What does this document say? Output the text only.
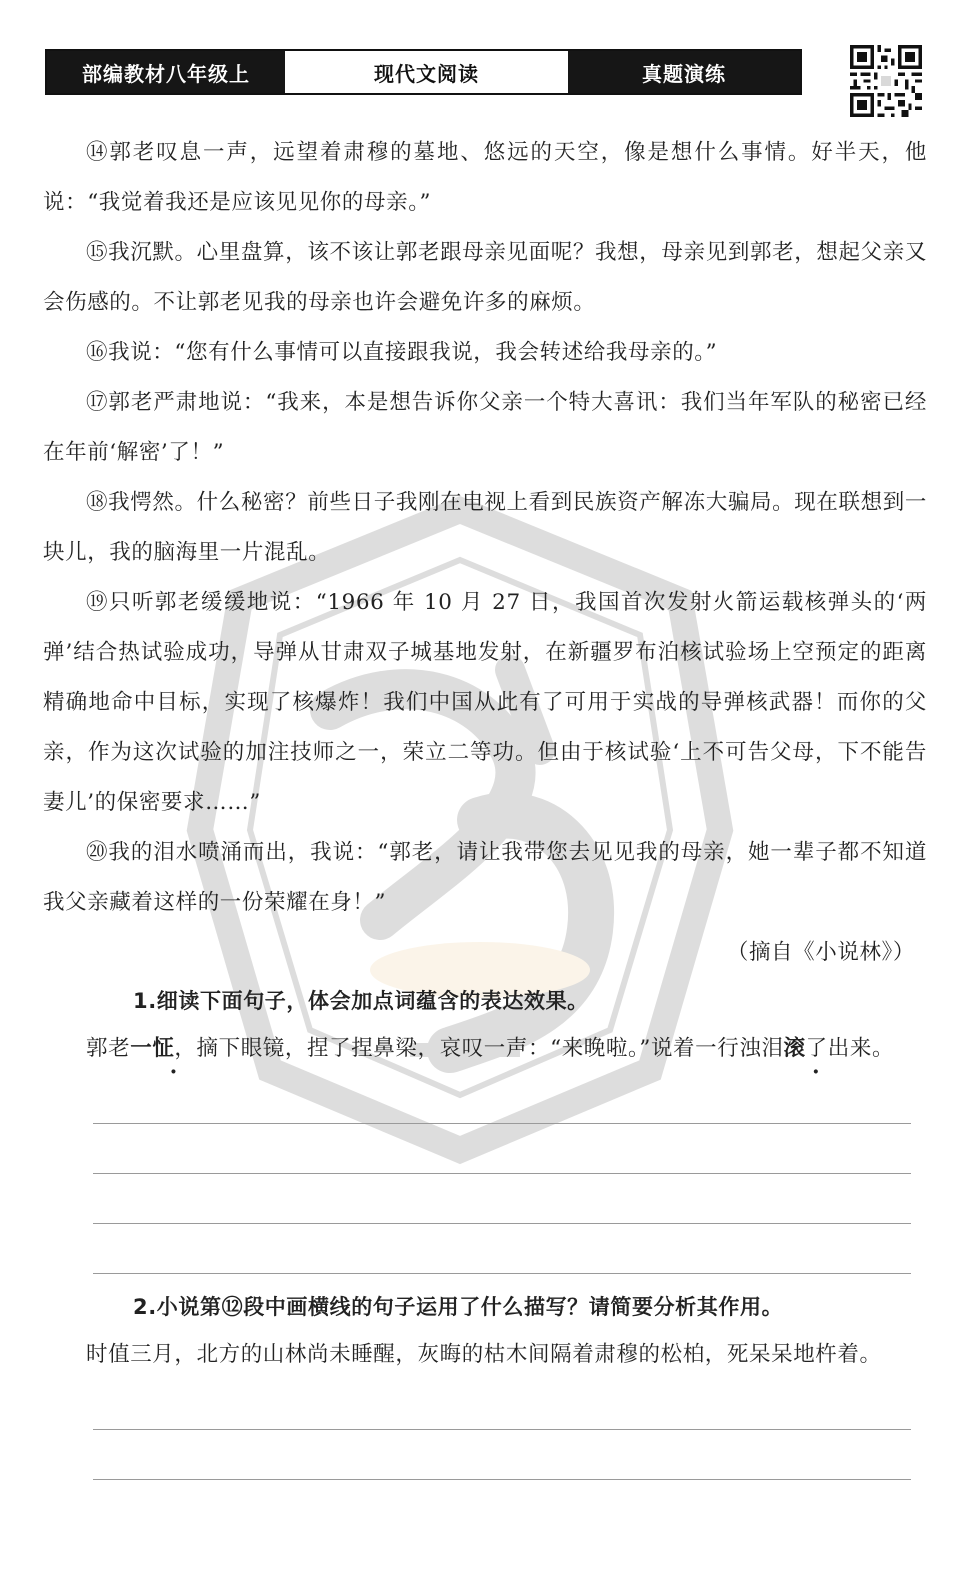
部编教材八年级上	现代文阅读	真题演练

⑭郭老叹息一声，远望着肃穆的墓地、悠远的天空，像是想什么事情。好半天，他说：“我觉着我还是应该见见你的母亲。”

⑮我沉默。心里盘算，该不该让郭老跟母亲见面呢？我想，母亲见到郭老，想起父亲又会伤感的。不让郭老见我的母亲也许会避免许多的麻烦。

⑯我说：“您有什么事情可以直接跟我说，我会转述给我母亲的。”

⑰郭老严肃地说：“我来，本是想告诉你父亲一个特大喜讯：我们当年军队的秘密已经在年前‘解密’了！”

⑱我愕然。什么秘密？前些日子我刚在电视上看到民族资产解冻大骗局。现在联想到一块儿，我的脑海里一片混乱。

⑲只听郭老缓缓地说：“1966 年 10 月 27 日，我国首次发射火箭运载核弹头的‘两弹’结合热试验成功，导弹从甘肃双子城基地发射，在新疆罗布泊核试验场上空预定的距离精确地命中目标，实现了核爆炸！我们中国从此有了可用于实战的导弹核武器！而你的父亲，作为这次试验的加注技师之一，荣立二等功。但由于核试验‘上不可告父母，下不能告妻儿’的保密要求……”

⑳我的泪水喷涌而出，我说：“郭老，请让我带您去见见我的母亲，她一辈子都不知道我父亲藏着这样的一份荣耀在身！”

（摘自《小说林》）

1.细读下面句子，体会加点词蕴含的表达效果。

郭老一怔，摘下眼镜，捏了捏鼻梁，哀叹一声：“来晚啦。”说着一行浊泪滚了出来。

2.小说第⑫段中画横线的句子运用了什么描写？请简要分析其作用。

时值三月，北方的山林尚未睡醒，灰晦的枯木间隔着肃穆的松柏，死呆呆地杵着。
